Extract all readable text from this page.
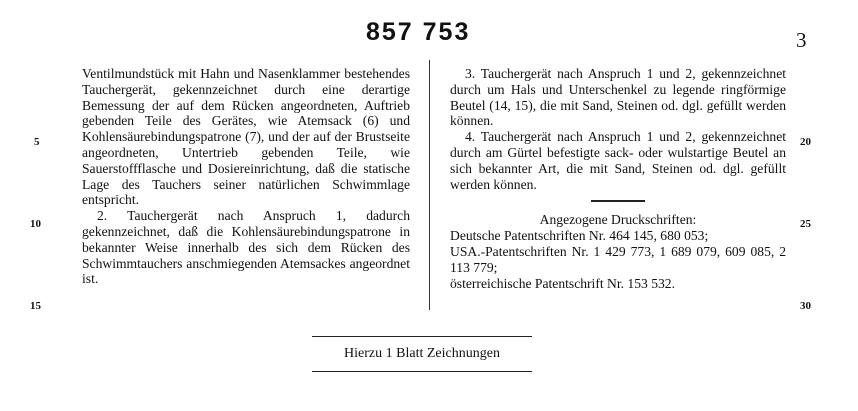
857 753	3
5
10
15
20
25
30

Ventilmundstück mit Hahn und Nasenklammer bestehendes Tauchergerät, gekennzeichnet durch eine derartige Bemessung der auf dem Rücken angeordneten, Auftrieb gebenden Teile des Gerätes, wie Atemsack (6) und Kohlensäurebindungspatrone (7), und der auf der Brustseite angeordneten, Untertrieb gebenden Teile, wie Sauerstoffflasche und Dosiereinrichtung, daß die statische Lage des Tauchers seiner natürlichen Schwimmlage entspricht.

2. Tauchergerät nach Anspruch 1, dadurch gekennzeichnet, daß die Kohlensäurebindungspatrone in bekannter Weise innerhalb des sich dem Rücken des Schwimmtauchers anschmiegenden Atemsackes angeordnet ist.

3. Tauchergerät nach Anspruch 1 und 2, gekennzeichnet durch um Hals und Unterschenkel zu legende ringförmige Beutel (14, 15), die mit Sand, Steinen od. dgl. gefüllt werden können.

4. Tauchergerät nach Anspruch 1 und 2, gekennzeichnet durch am Gürtel befestigte sack- oder wulstartige Beutel an sich bekannter Art, die mit Sand, Steinen od. dgl. gefüllt werden können.

Angezogene Druckschriften:

Deutsche Patentschriften Nr. 464 145, 680 053;

USA.-Patentschriften Nr. 1 429 773, 1 689 079, 609 085, 2 113 779;

österreichische Patentschrift Nr. 153 532.

Hierzu 1 Blatt Zeichnungen
